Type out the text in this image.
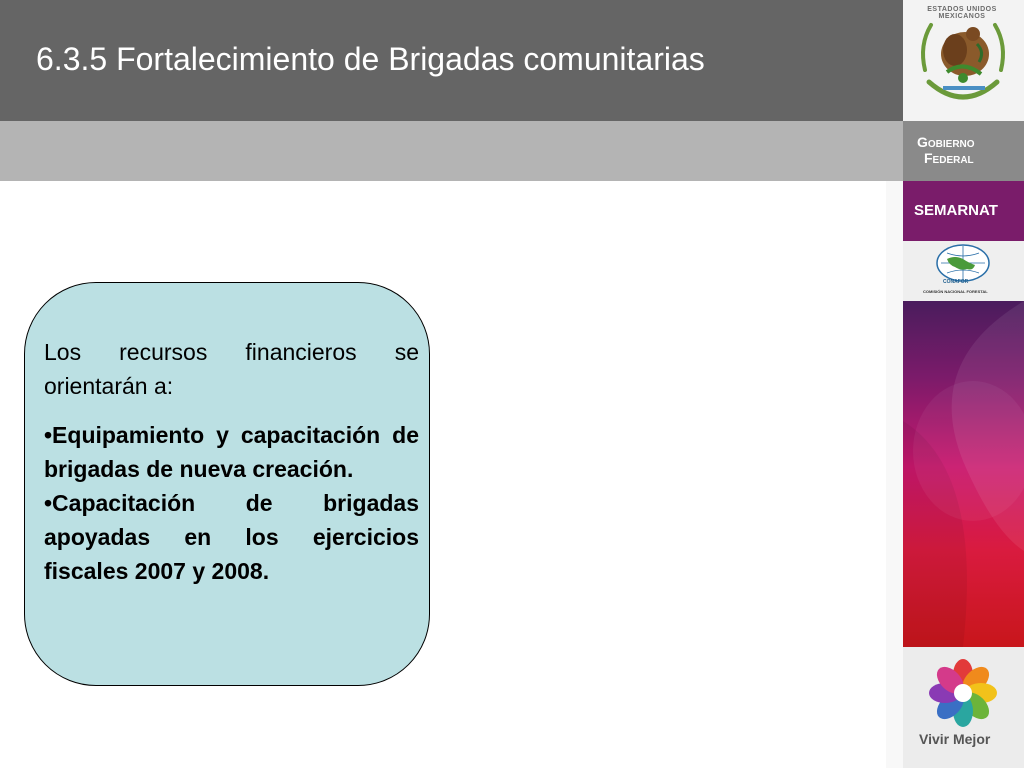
6.3.5 Fortalecimiento de Brigadas comunitarias

Los recursos financieros se orientarán a:

•Equipamiento y capacitación de brigadas de nueva creación.

•Capacitación de brigadas apoyadas en los ejercicios fiscales 2007 y 2008.

ESTADOS UNIDOS MEXICANOS
Gobierno
Federal
SEMARNAT
CONAFOR
COMISIÓN NACIONAL FORESTAL
Vivir Mejor
